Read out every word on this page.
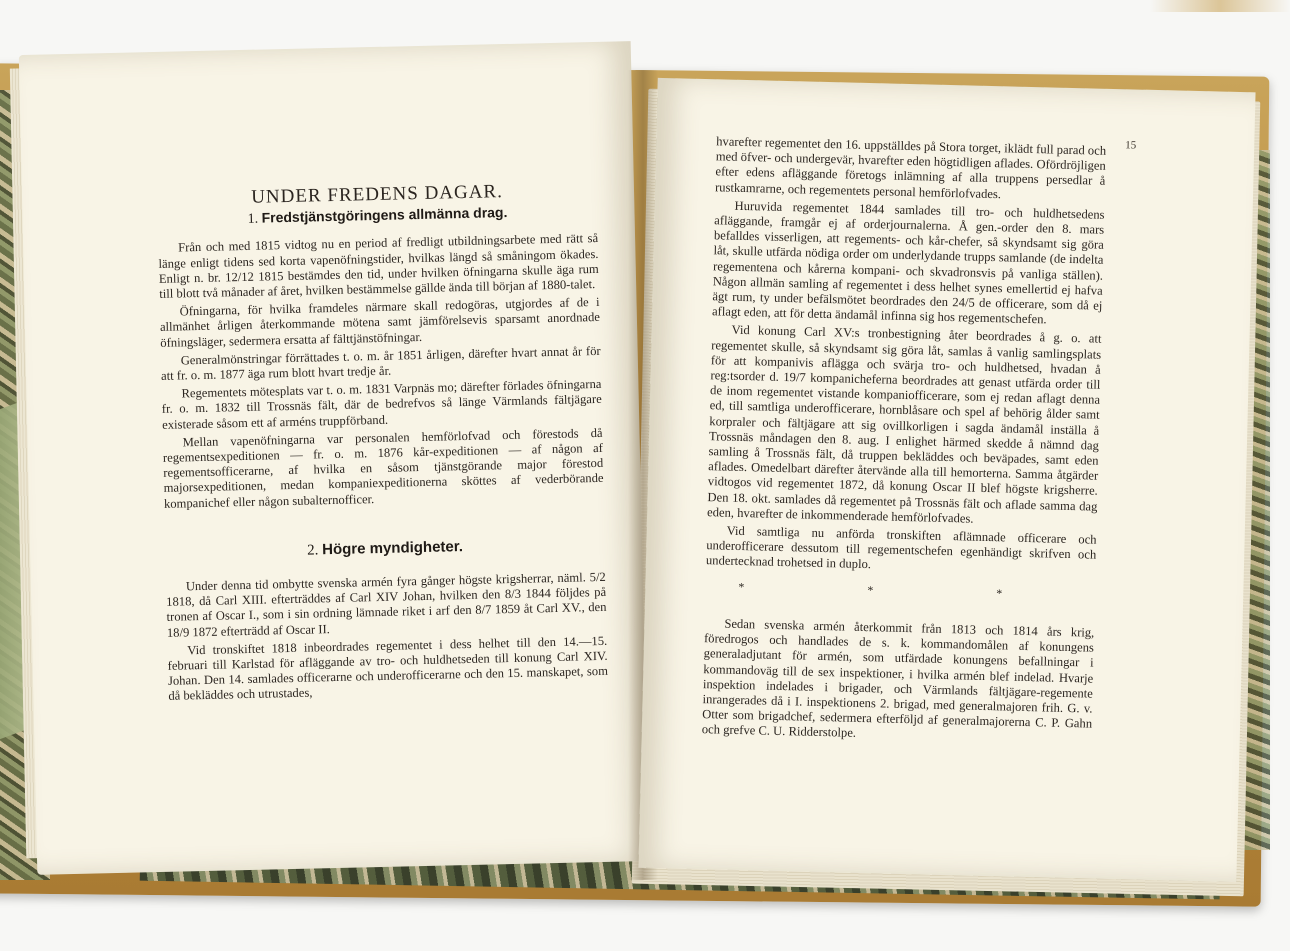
UNDER FREDENS DAGAR.
1. Fredstjänstgöringens allmänna drag.

Från och med 1815 vidtog nu en period af fredligt utbildningsarbete med rätt så länge enligt tidens sed korta vapenöfningstider, hvilkas längd så småningom ökades. Enligt n. br. 12/12 1815 bestämdes den tid, under hvilken öfningarna skulle äga rum till blott två månader af året, hvilken bestämmelse gällde ända till början af 1880-talet.

Öfningarna, för hvilka framdeles närmare skall redogöras, utgjordes af de i allmänhet årligen återkommande mötena samt jämförelsevis sparsamt anordnade öfningsläger, sedermera ersatta af fälttjänstöfningar.

Generalmönstringar förrättades t. o. m. år 1851 årligen, därefter hvart annat år för att fr. o. m. 1877 äga rum blott hvart tredje år.

Regementets mötesplats var t. o. m. 1831 Varpnäs mo; därefter förlades öfningarna fr. o. m. 1832 till Trossnäs fält, där de bedrefvos så länge Värmlands fältjägare existerade såsom ett af arméns truppförband.

Mellan vapenöfningarna var personalen hemförlofvad och förestods då regementsexpeditionen — fr. o. m. 1876 kår-expeditionen — af någon af regementsofficerarne, af hvilka en såsom tjänstgörande major förestod majorsexpeditionen, medan kompaniexpeditionerna sköttes af vederbörande kompanichef eller någon subalternofficer.

2. Högre myndigheter.

Under denna tid ombytte svenska armén fyra gånger högste krigsherrar, näml. 5/2 1818, då Carl XIII. efterträddes af Carl XIV Johan, hvilken den 8/3 1844 följdes på tronen af Oscar I., som i sin ordning lämnade riket i arf den 8/7 1859 åt Carl XV., den 18/9 1872 efterträdd af Oscar II.

Vid tronskiftet 1818 inbeordrades regementet i dess helhet till den 14.—15. februari till Karlstad för afläggande av tro- och huldhetseden till konung Carl XIV. Johan. Den 14. samlades officerarne och underofficerarne och den 15. manskapet, som då bekläddes och utrustades,

15

hvarefter regementet den 16. uppställdes på Stora torget, iklädt full parad och med öfver- och undergevär, hvarefter eden högtidligen aflades. Ofördröjligen efter edens afläggande företogs inlämning af alla truppens persedlar å rustkamrarne, och regementets personal hemförlofvades.

Huruvida regementet 1844 samlades till tro- och huldhetsedens afläggande, framgår ej af orderjournalerna. Å gen.-order den 8. mars befalldes visserligen, att regements- och kår-chefer, så skyndsamt sig göra låt, skulle utfärda nödiga order om underlydande trupps samlande (de indelta regementena och kårerna kompani- och skvadronsvis på vanliga ställen). Någon allmän samling af regementet i dess helhet synes emellertid ej hafva ägt rum, ty under befälsmötet beordrades den 24/5 de officerare, som då ej aflagt eden, att för detta ändamål infinna sig hos regementschefen.

Vid konung Carl XV:s tronbestigning åter beordrades å g. o. att regementet skulle, så skyndsamt sig göra låt, samlas å vanlig samlingsplats för att kompanivis aflägga och svärja tro- och huldhetsed, hvadan å reg:tsorder d. 19/7 kompanicheferna beordrades att genast utfärda order till de inom regementet vistande kompaniofficerare, som ej redan aflagt denna ed, till samtliga underofficerare, hornblåsare och spel af behörig ålder samt korpraler och fältjägare att sig ovillkorligen i sagda ändamål inställa å Trossnäs måndagen den 8. aug. I enlighet härmed skedde å nämnd dag samling å Trossnäs fält, då truppen bekläddes och beväpades, samt eden aflades. Omedelbart därefter återvände alla till hemorterna. Samma åtgärder vidtogos vid regementet 1872, då konung Oscar II blef högste krigsherre. Den 18. okt. samlades då regementet på Trossnäs fält och aflade samma dag eden, hvarefter de inkommenderade hemförlofvades.

Vid samtliga nu anförda tronskiften aflämnade officerare och underofficerare dessutom till regementschefen egenhändigt skrifven och undertecknad trohetsed in duplo.

* * *

Sedan svenska armén återkommit från 1813 och 1814 års krig, föredrogos och handlades de s. k. kommandomålen af konungens generaladjutant för armén, som utfärdade konungens befallningar i kommandoväg till de sex inspektioner, i hvilka armén blef indelad. Hvarje inspektion indelades i brigader, och Värmlands fältjägare-regemente inrangerades då i I. inspektionens 2. brigad, med generalmajoren frih. G. v. Otter som brigadchef, sedermera efterföljd af generalmajorerna C. P. Gahn och grefve C. U. Ridderstolpe.
